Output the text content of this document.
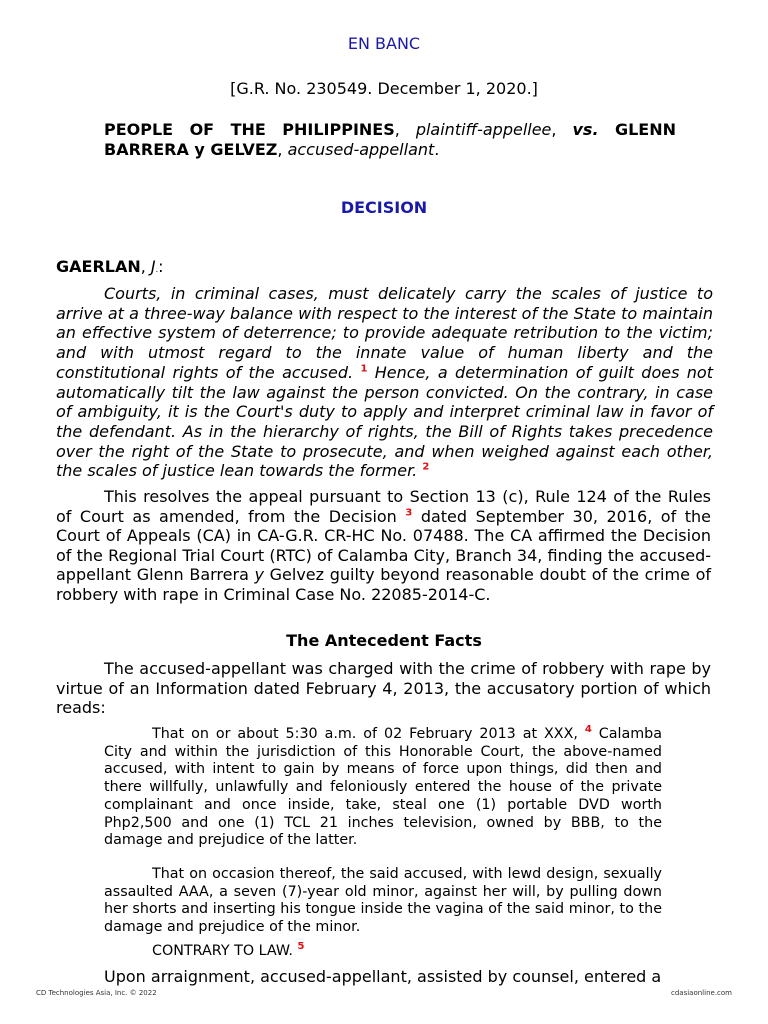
EN BANC
[G.R. No. 230549. December 1, 2020.]
PEOPLE OF THE PHILIPPINES, plaintiff-appellee, vs. GLENN BARRERA y GELVEZ, accused-appellant.
DECISION
GAERLAN, J.:
Courts, in criminal cases, must delicately carry the scales of justice to arrive at a three-way balance with respect to the interest of the State to maintain an effective system of deterrence; to provide adequate retribution to the victim; and with utmost regard to the innate value of human liberty and the constitutional rights of the accused. $^1$ Hence, a determination of guilt does not automatically tilt the law against the person convicted. On the contrary, in case of ambiguity, it is the Court's duty to apply and interpret criminal law in favor of the defendant. As in the hierarchy of rights, the Bill of Rights takes precedence over the right of the State to prosecute, and when weighed against each other, the scales of justice lean towards the former. $^2$
This resolves the appeal pursuant to Section 13 (c), Rule 124 of the Rules of Court as amended, from the Decision $^3$ dated September 30, 2016, of the Court of Appeals (CA) in CA-G.R. CR-HC No. 07488. The CA affirmed the Decision of the Regional Trial Court (RTC) of Calamba City, Branch 34, finding the accused-appellant Glenn Barrera y Gelvez guilty beyond reasonable doubt of the crime of robbery with rape in Criminal Case No. 22085-2014-C.
The Antecedent Facts
The accused-appellant was charged with the crime of robbery with rape by virtue of an Information dated February 4, 2013, the accusatory portion of which reads:
That on or about 5:30 a.m. of 02 February 2013 at XXX, $^4$ Calamba City and within the jurisdiction of this Honorable Court, the above-named accused, with intent to gain by means of force upon things, did then and there willfully, unlawfully and feloniously entered the house of the private complainant and once inside, take, steal one (1) portable DVD worth Php2,500 and one (1) TCL 21 inches television, owned by BBB, to the damage and prejudice of the latter.
That on occasion thereof, the said accused, with lewd design, sexually assaulted AAA, a seven (7)-year old minor, against her will, by pulling down her shorts and inserting his tongue inside the vagina of the said minor, to the damage and prejudice of the minor.
CONTRARY TO LAW. $^5$
Upon arraignment, accused-appellant, assisted by counsel, entered a
CD Technologies Asia, Inc. © 2022	cdasiaonline.com
